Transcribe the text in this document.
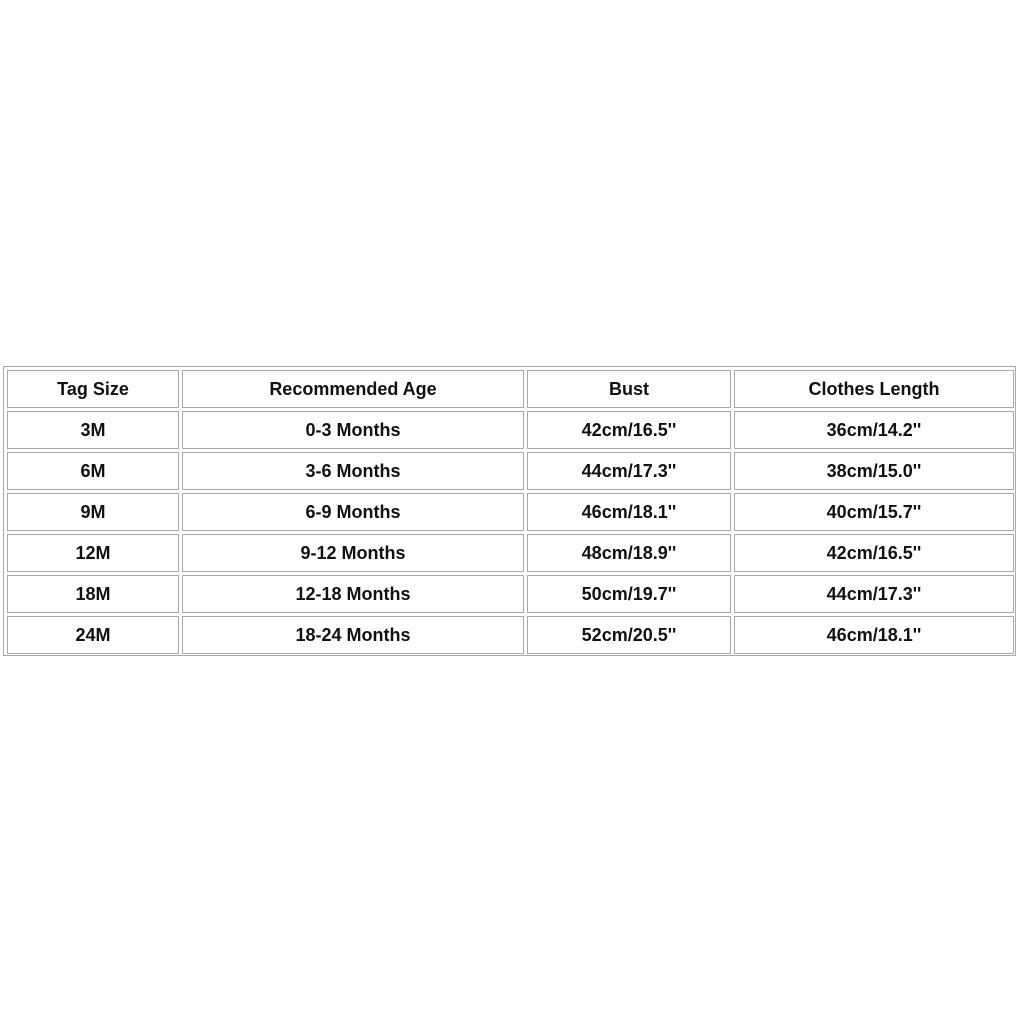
Tag Size	Recommended Age	Bust	Clothes Length
3M	0-3 Months	42cm/16.5''	36cm/14.2''
6M	3-6 Months	44cm/17.3''	38cm/15.0''
9M	6-9 Months	46cm/18.1''	40cm/15.7''
12M	9-12 Months	48cm/18.9''	42cm/16.5''
18M	12-18 Months	50cm/19.7''	44cm/17.3''
24M	18-24 Months	52cm/20.5''	46cm/18.1''
